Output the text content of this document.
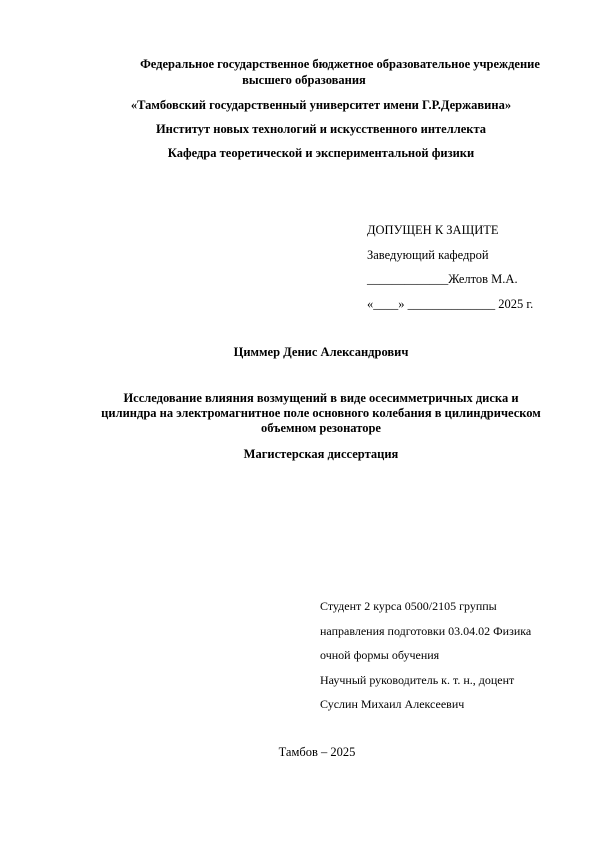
Федеральное государственное бюджетное образовательное учреждение
высшего образования
«Тамбовский государственный университет имени Г.Р.Державина»
Институт новых технологий и искусственного интеллекта
Кафедра теоретической и экспериментальной физики
ДОПУЩЕН К ЗАЩИТЕ
Заведующий кафедрой
_____________Желтов М.А.
«____» ______________ 2025 г.
Циммер Денис Александрович
Исследование влияния возмущений в виде осесимметричных диска и
цилиндра на электромагнитное поле основного колебания в цилиндрическом
объемном резонаторе
Магистерская диссертация
Студент 2 курса 0500/2105 группы
направления подготовки 03.04.02 Физика
очной формы обучения
Научный руководитель к. т. н., доцент
Суслин Михаил Алексеевич
Тамбов – 2025
